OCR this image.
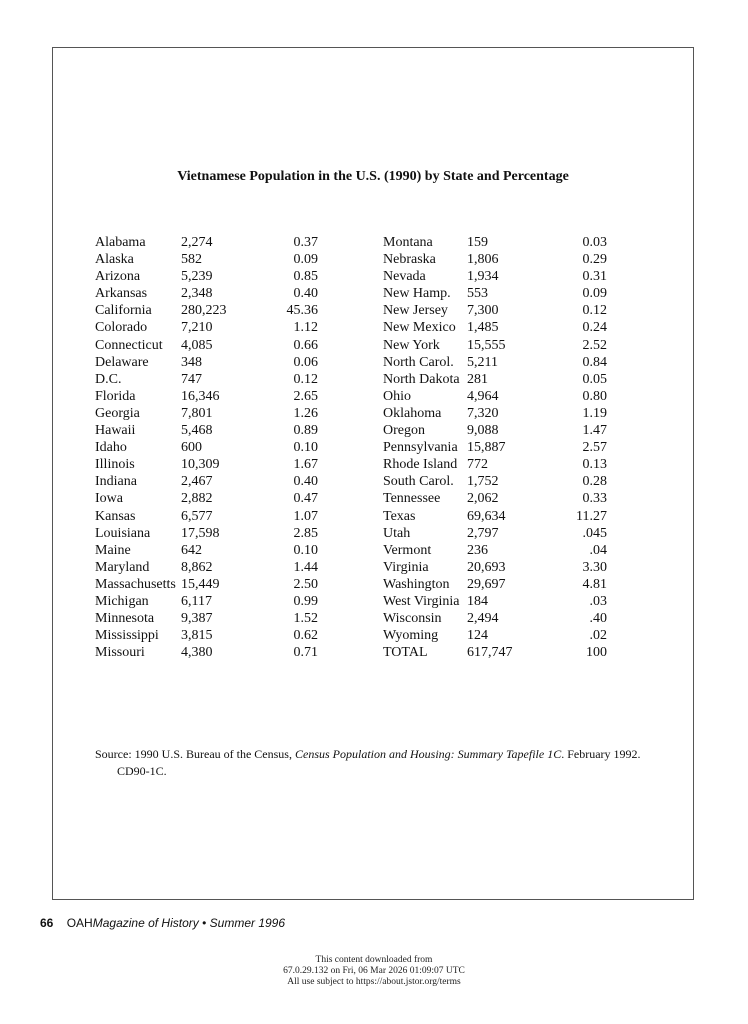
Vietnamese Population in the U.S. (1990) by State and Percentage
Alabama	2,274	0.37
Alaska	582	0.09
Arizona	5,239	0.85
Arkansas 2,348	0.40
California 280,223	45.36
Colorado 7,210	1.12
Connecticut 4,085	0.66
Delaware 348	0.06
D.C.	747	0.12
Florida	16,346	2.65
Georgia	7,801	1.26
Hawaii	5,468	0.89
Idaho	600	0.10
Illinois	10,309	1.67
Indiana	2,467	0.40
Iowa	2,882	0.47
Kansas	6,577	1.07
Louisiana 17,598	2.85
Maine	642	0.10
Maryland 8,862	1.44
Massachusetts 15,449	2.50
Michigan 6,117	0.99
Minnesota 9,387	1.52
Mississippi 3,815	0.62
Missouri	4,380	0.71
Montana 159	0.03
Nebraska 1,806	0.29
Nevada	1,934	0.31
New Hamp. 553	0.09
New Jersey 7,300	0.12
New Mexico 1,485	0.24
New York 15,555	2.52
North Carol. 5,211	0.84
North Dakota 281	0.05
Ohio	4,964	0.80
Oklahoma 7,320	1.19
Oregon	9,088	1.47
Pennsylvania 15,887	2.57
Rhode Island 772	0.13
South Carol. 1,752	0.28
Tennessee 2,062	0.33
Texas	69,634	11.27
Utah	2,797	.045
Vermont	236	.04
Virginia	20,693	3.30
Washington 29,697	4.81
West Virginia 184	.03
Wisconsin 2,494	.40
Wyoming 124	.02
TOTAL	617,747	100
Source: 1990 U.S. Bureau of the Census, Census Population and Housing: Summary Tapefile 1C. February 1992.
CD90-1C.
66 OAHMagazine of History • Summer 1996
This content downloaded from
67.0.29.132 on Fri, 06 Mar 2026 01:09:07 UTC
All use subject to https://about.jstor.org/terms
